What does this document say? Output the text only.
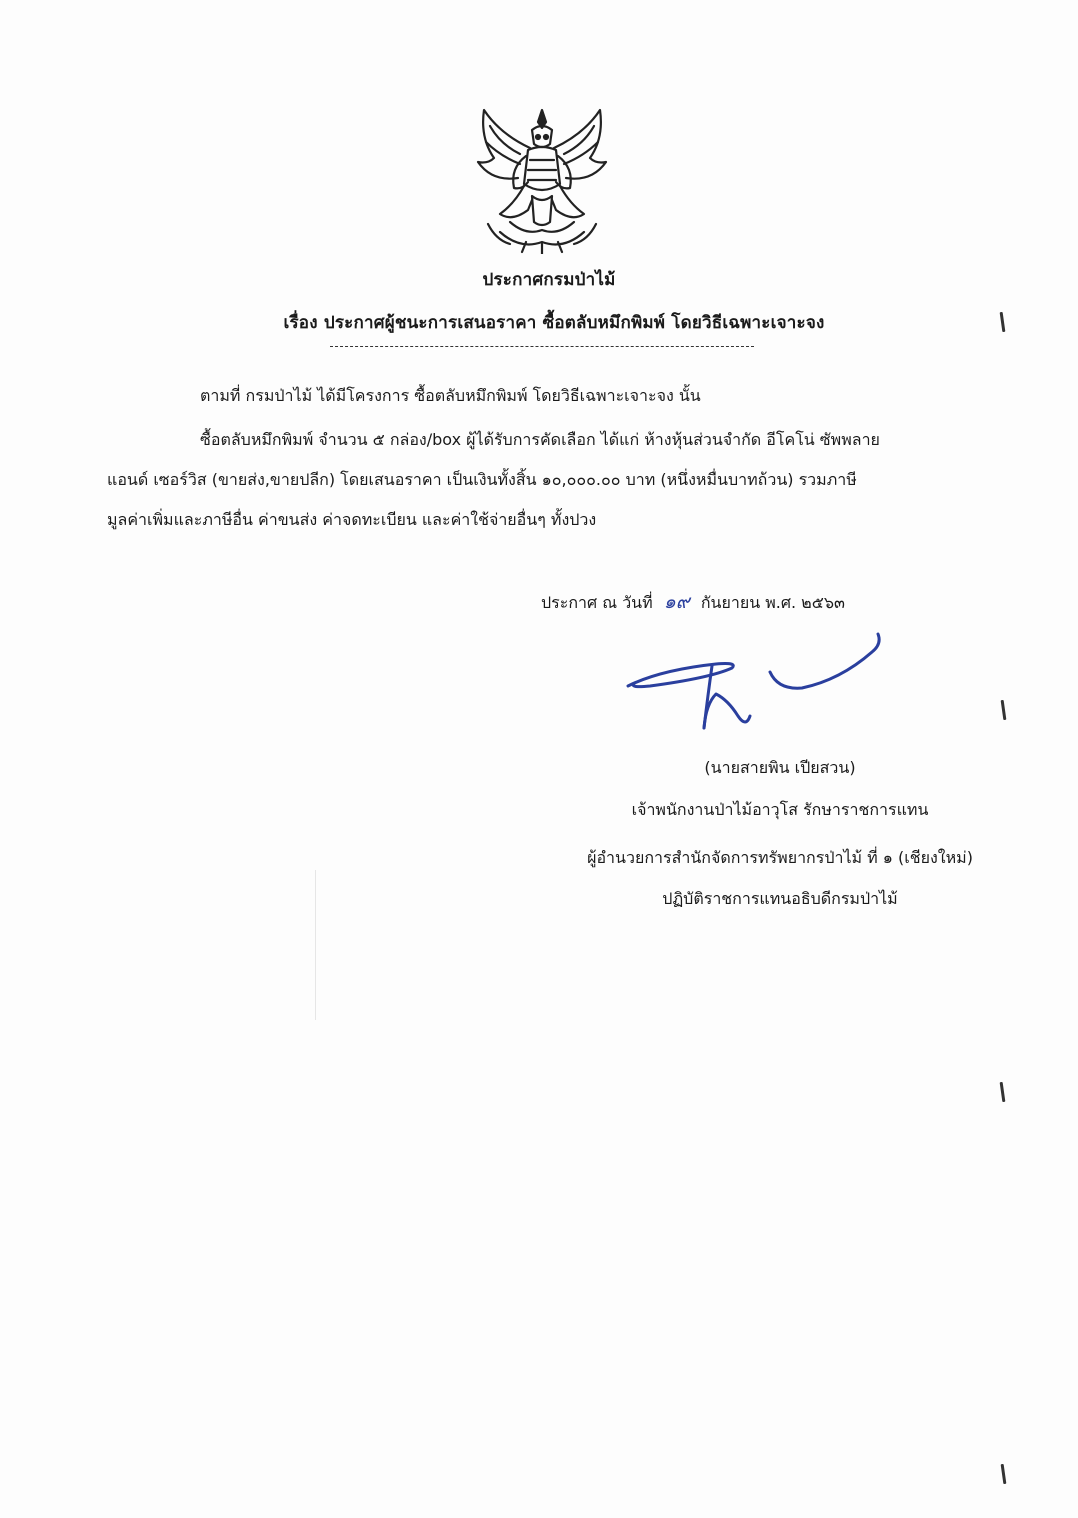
ประกาศกรมป่าไม้
เรื่อง ประกาศผู้ชนะการเสนอราคา ซื้อตลับหมึกพิมพ์ โดยวิธีเฉพาะเจาะจง
ตามที่ กรมป่าไม้ ได้มีโครงการ ซื้อตลับหมึกพิมพ์ โดยวิธีเฉพาะเจาะจง นั้น
ซื้อตลับหมึกพิมพ์ จำนวน ๕ กล่อง/box ผู้ได้รับการคัดเลือก ได้แก่ ห้างหุ้นส่วนจำกัด อีโคโน่ ซัพพลาย
แอนด์ เซอร์วิส (ขายส่ง,ขายปลีก) โดยเสนอราคา เป็นเงินทั้งสิ้น ๑๐,๐๐๐.๐๐ บาท (หนึ่งหมื่นบาทถ้วน) รวมภาษี
มูลค่าเพิ่มและภาษีอื่น ค่าขนส่ง ค่าจดทะเบียน และค่าใช้จ่ายอื่นๆ ทั้งปวง
ประกาศ ณ วันที่ ๑๙ กันยายน พ.ศ. ๒๕๖๓
(นายสายพิน เปียสวน)
เจ้าพนักงานป่าไม้อาวุโส รักษาราชการแทน
ผู้อำนวยการสำนักจัดการทรัพยากรป่าไม้ ที่ ๑ (เชียงใหม่)
ปฏิบัติราชการแทนอธิบดีกรมป่าไม้
